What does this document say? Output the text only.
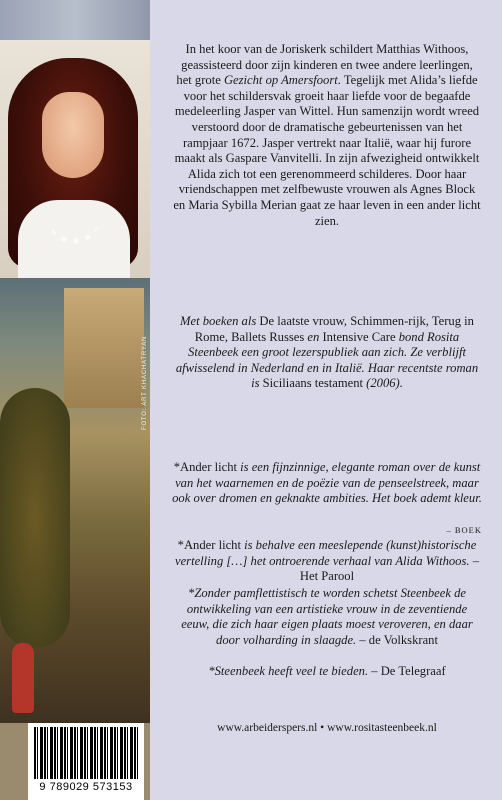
FOTO: ART KHACHATRYAN
9 789029 573153

In het koor van de Joriskerk schildert Matthias Withoos, geassisteerd door zijn kinderen en twee andere leerlingen, het grote Gezicht op Amersfoort. Tegelijk met Alida’s liefde voor het schildersvak groeit haar liefde voor de begaafde medeleerling Jasper van Wittel. Hun samenzijn wordt wreed verstoord door de dramatische gebeurtenissen van het rampjaar 1672. Jasper vertrekt naar Italië, waar hij furore maakt als Gaspare Vanvitelli. In zijn afwezigheid ontwikkelt Alida zich tot een gerenommeerd schilderes. Door haar vriendschappen met zelfbewuste vrouwen als Agnes Block en Maria Sybilla Merian gaat ze haar leven in een ander licht zien.

Met boeken als De laatste vrouw, Schimmen-rijk, Terug in Rome, Ballets Russes en Intensive Care bond Rosita Steenbeek een groot lezerspubliek aan zich. Ze verblijft afwisselend in Nederland en in Italië. Haar recentste roman is Siciliaans testament (2006).

*Ander licht is een fijnzinnige, elegante roman over de kunst van het waarnemen en de poëzie van de penseelstreek, maar ook over dromen en geknakte ambities. Het boek ademt kleur.

– BOEK

*Ander licht is behalve een meeslepende (kunst)historische vertelling […] het ontroerende verhaal van Alida Withoos. – Het Parool

*Zonder pamflettistisch te worden schetst Steenbeek de ontwikkeling van een artistieke vrouw in de zeventiende eeuw, die zich haar eigen plaats moest veroveren, en daar door volharding in slaagde. – de Volkskrant

*Steenbeek heeft veel te bieden. – De Telegraaf

www.arbeiderspers.nl • www.rositasteenbeek.nl
